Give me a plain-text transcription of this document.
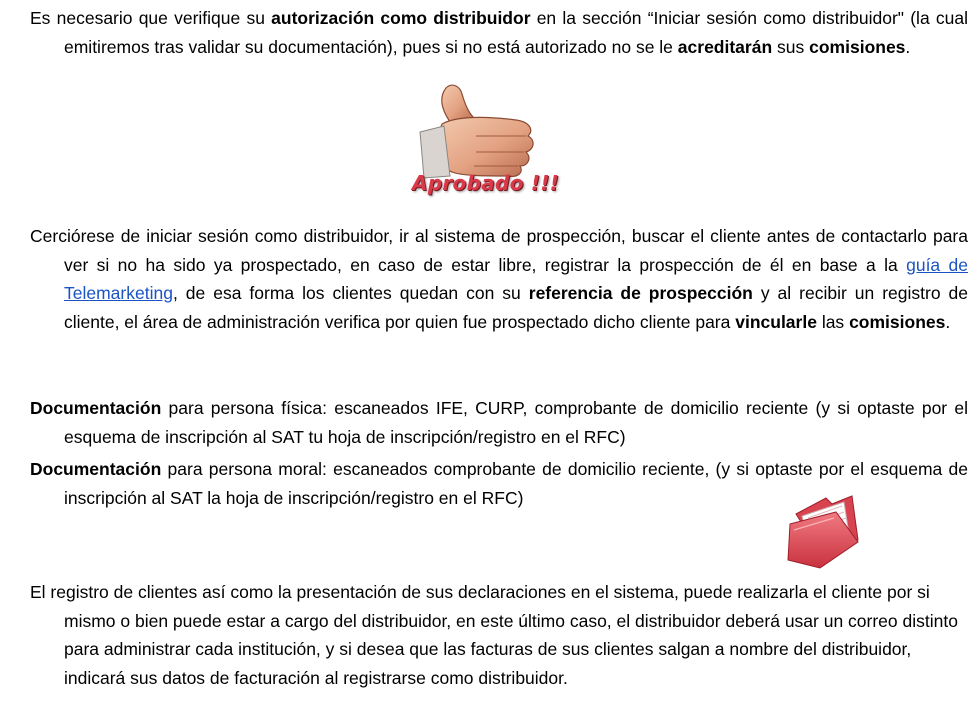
Es necesario que verifique su autorización como distribuidor en la sección “Iniciar sesión como distribuidor" (la cual emitiremos tras validar su documentación), pues si no está autorizado no se le acreditarán sus comisiones.

Aprobado !!!

Cerciórese de iniciar sesión como distribuidor, ir al sistema de prospección, buscar el cliente antes de contactarlo para ver si no ha sido ya prospectado, en caso de estar libre, registrar la prospección de él en base a la guía de Telemarketing, de esa forma los clientes quedan con su referencia de prospección y al recibir un registro de cliente, el área de administración verifica por quien fue prospectado dicho cliente para vincularle las comisiones.

Documentación para persona física: escaneados IFE, CURP, comprobante de domicilio reciente (y si optaste por el esquema de inscripción al SAT tu hoja de inscripción/registro en el RFC)

Documentación para persona moral: escaneados comprobante de domicilio reciente, (y si optaste por el esquema de inscripción al SAT la hoja de inscripción/registro en el RFC)

El registro de clientes así como la presentación de sus declaraciones en el sistema, puede realizarla el cliente por si mismo o bien puede estar a cargo del distribuidor, en este último caso, el distribuidor deberá usar un correo distinto para administrar cada institución, y si desea que las facturas de sus clientes salgan a nombre del distribuidor, indicará sus datos de facturación al registrarse como distribuidor.
